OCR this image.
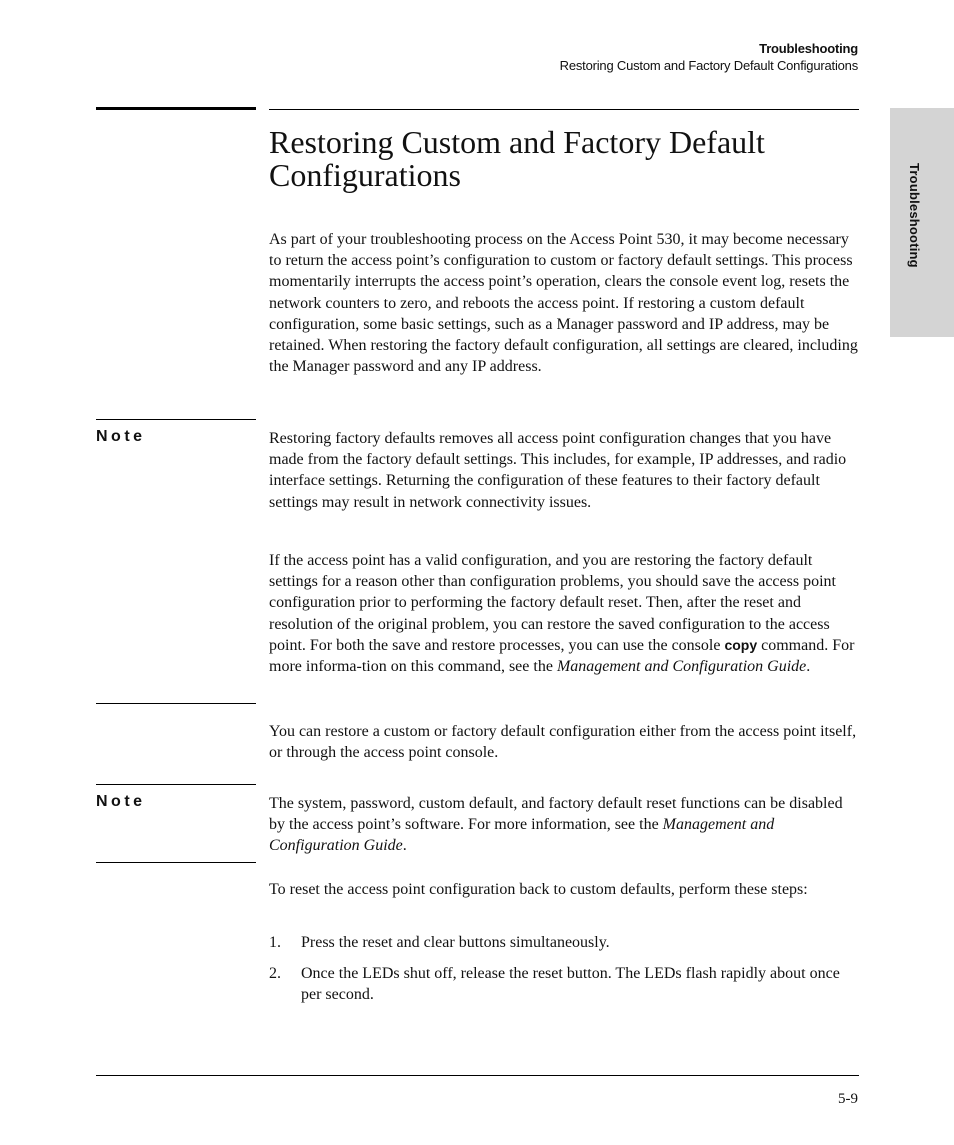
Troubleshooting
Restoring Custom and Factory Default Configurations
Troubleshooting
Restoring Custom and Factory Default
Configurations

As part of your troubleshooting process on the Access Point 530, it may become necessary to return the access point’s configuration to custom or factory default settings. This process momentarily interrupts the access point’s operation, clears the console event log, resets the network counters to zero, and reboots the access point. If restoring a custom default configuration, some basic settings, such as a Manager password and IP address, may be retained. When restoring the factory default configuration, all settings are cleared, including the Manager password and any IP address.

Note	Restoring factory defaults removes all access point configuration changes that you have made from the factory default settings. This includes, for example, IP addresses, and radio interface settings. Returning the configuration of these features to their factory default settings may result in network connectivity issues.

If the access point has a valid configuration, and you are restoring the factory default settings for a reason other than configuration problems, you should save the access point configuration prior to performing the factory default reset. Then, after the reset and resolution of the original problem, you can restore the saved configuration to the access point. For both the save and restore processes, you can use the console copy command. For more informa-tion on this command, see the Management and Configuration Guide.

You can restore a custom or factory default configuration either from the access point itself, or through the access point console.

Note	The system, password, custom default, and factory default reset functions can be disabled by the access point’s software. For more information, see the Management and Configuration Guide.

To reset the access point configuration back to custom defaults, perform these steps:

1.	Press the reset and clear buttons simultaneously.
2.	Once the LEDs shut off, release the reset button. The LEDs flash rapidly about once per second.
5-9
